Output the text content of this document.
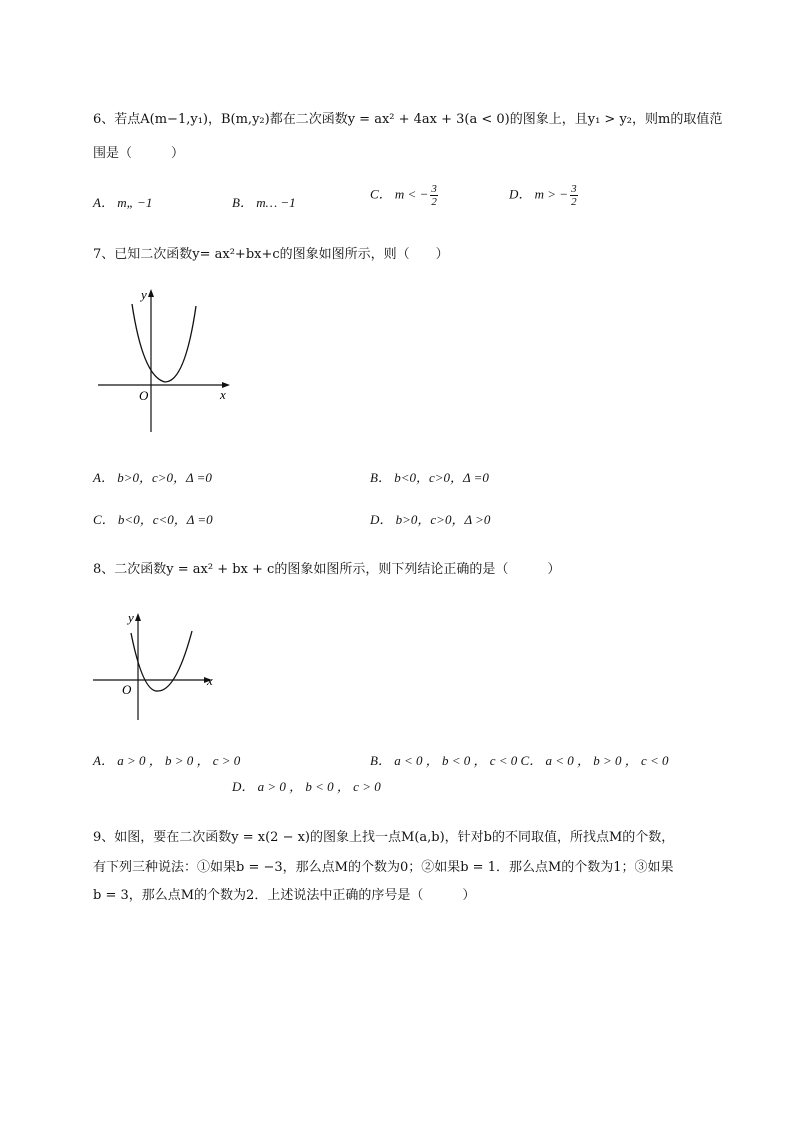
6、若点A(m−1,y₁)，B(m,y₂)都在二次函数y = ax² + 4ax + 3(a < 0)的图象上，且y₁ > y₂，则m的取值范
围是（　　　）
A． m„ −1	B． m… −1
C． m < − $\frac{3}{2}$	D． m > − $\frac{3}{2}$
7、已知二次函数y= ax²+bx+c的图象如图所示，则（　　）
y
x
O
A． b>0，c>0，Δ =0	B． b<0，c>0，Δ =0
C． b<0，c<0，Δ =0	D． b>0，c>0，Δ >0
8、二次函数y = ax² + bx + c的图象如图所示，则下列结论正确的是（　　　）
y
x
O
A． a > 0 ， b > 0 ， c > 0	B． a < 0 ， b < 0 ， c < 0 C． a < 0 ， b > 0 ， c < 0
D． a > 0 ， b < 0 ， c > 0
9、如图，要在二次函数y = x(2 − x)的图象上找一点M(a,b)，针对b的不同取值，所找点M的个数，
有下列三种说法：①如果b = −3，那么点M的个数为0；②如果b = 1．那么点M的个数为1；③如果
b = 3，那么点M的个数为2．上述说法中正确的序号是（　　　）
